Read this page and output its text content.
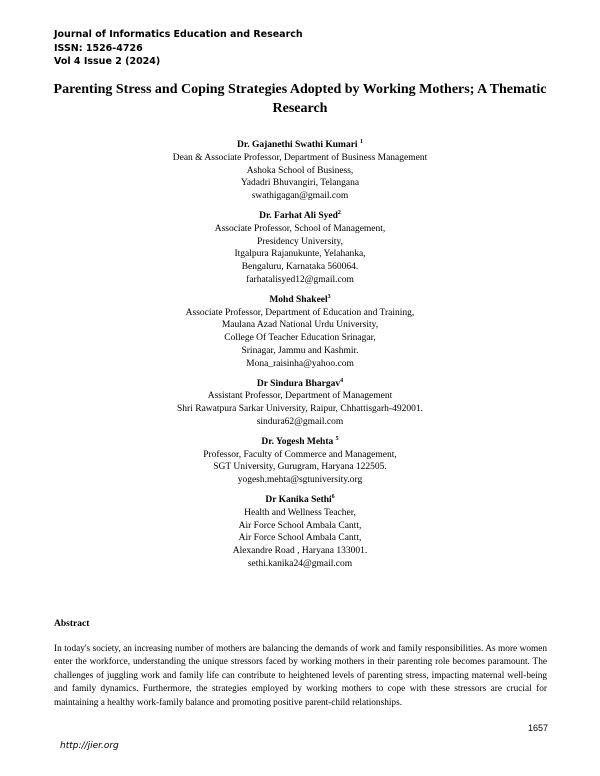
Journal of Informatics Education and Research
ISSN: 1526-4726
Vol 4 Issue 2 (2024)
Parenting Stress and Coping Strategies Adopted by Working Mothers; A Thematic
Research
Dr. Gajanethi Swathi Kumari $^1$
Dean & Associate Professor, Department of Business Management
Ashoka School of Business,
Yadadri Bhuvangiri, Telangana
swathigagan@gmail.com
Dr. Farhat Ali Syed$^2$
Associate Professor, School of Management,
Presidency University,
Itgalpura Rajanukunte, Yelahanka,
Bengaluru, Karnataka 560064.
farhatalisyed12@gmail.com
Mohd Shakeel$^3$
Associate Professor, Department of Education and Training,
Maulana Azad National Urdu University,
College Of Teacher Education Srinagar,
Srinagar, Jammu and Kashmir.
Mona_raisinha@yahoo.com
Dr Sindura Bhargav$^4$
Assistant Professor, Department of Management
Shri Rawatpura Sarkar University, Raipur, Chhattisgarh-492001.
sindura62@gmail.com
Dr. Yogesh Mehta $^5$
Professor, Faculty of Commerce and Management,
SGT University, Gurugram, Haryana 122505.
yogesh.mehta@sgtuniversity.org
Dr Kanika Sethi$^6$
Health and Wellness Teacher,
Air Force School Ambala Cantt,
Air Force School Ambala Cantt,
Alexandre Road , Haryana 133001.
sethi.kanika24@gmail.com
Abstract
In today's society, an increasing number of mothers are balancing the demands of work and family responsibilities. As more women enter the workforce, understanding the unique stressors faced by working mothers in their parenting role becomes paramount. The challenges of juggling work and family life can contribute to heightened levels of parenting stress, impacting maternal well-being and family dynamics. Furthermore, the strategies employed by working mothers to cope with these stressors are crucial for maintaining a healthy work-family balance and promoting positive parent-child relationships.
1657
http://jier.org
